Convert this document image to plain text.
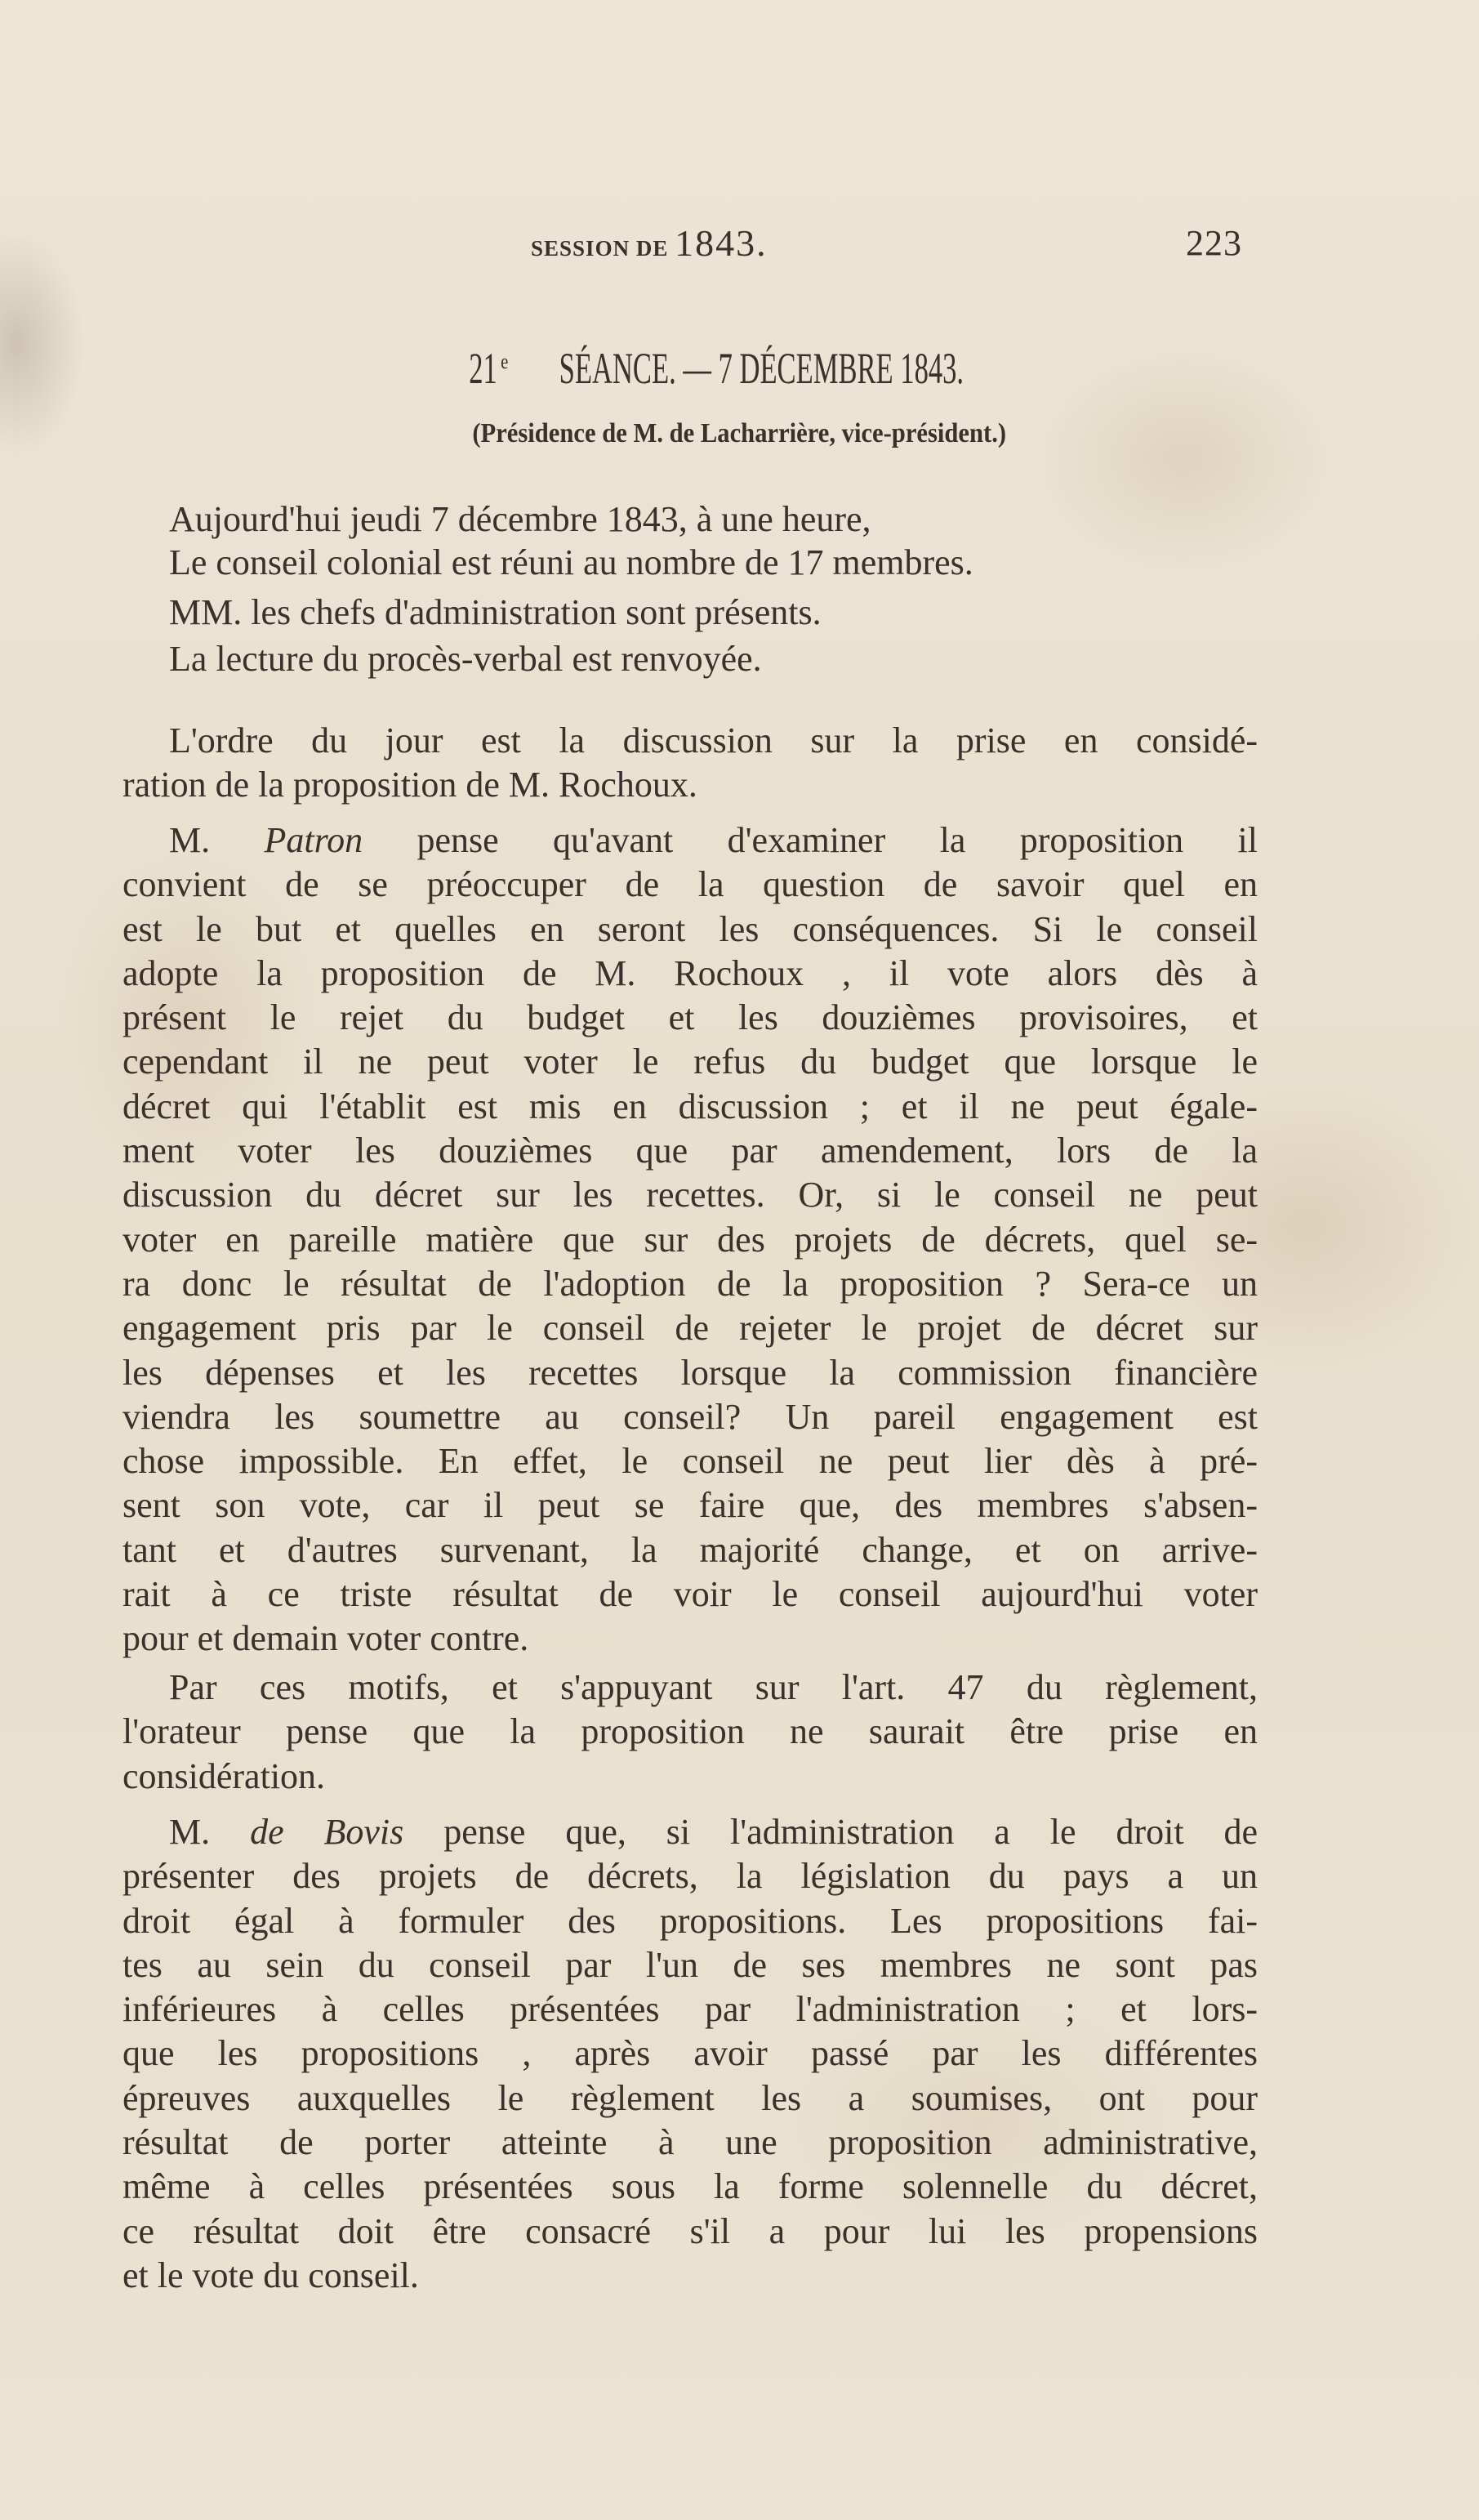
SESSION DE 1843.	223
21 $^e$SÉANCE. — 7 DÉCEMBRE 1843.
(Présidence de M. de Lacharrière, vice-président.)
Aujourd'hui jeudi 7 décembre 1843, à une heure,
Le conseil colonial est réuni au nombre de 17 membres.
MM. les chefs d'administration sont présents.
La lecture du procès-verbal est renvoyée.
L'ordre du jour est la discussion sur la prise en considé-
ration de la proposition de M. Rochoux.
M. Patron pense qu'avant d'examiner la proposition il
convient de se préoccuper de la question de savoir quel en
est le but et quelles en seront les conséquences. Si le conseil
adopte la proposition de M. Rochoux , il vote alors dès à
présent le rejet du budget et les douzièmes provisoires, et
cependant il ne peut voter le refus du budget que lorsque le
décret qui l'établit est mis en discussion ; et il ne peut égale-
ment voter les douzièmes que par amendement, lors de la
discussion du décret sur les recettes. Or, si le conseil ne peut
voter en pareille matière que sur des projets de décrets, quel se-
ra donc le résultat de l'adoption de la proposition ? Sera-ce un
engagement pris par le conseil de rejeter le projet de décret sur
les dépenses et les recettes lorsque la commission financière
viendra les soumettre au conseil? Un pareil engagement est
chose impossible. En effet, le conseil ne peut lier dès à pré-
sent son vote, car il peut se faire que, des membres s'absen-
tant et d'autres survenant, la majorité change, et on arrive-
rait à ce triste résultat de voir le conseil aujourd'hui voter
pour et demain voter contre.
Par ces motifs, et s'appuyant sur l'art. 47 du règlement,
l'orateur pense que la proposition ne saurait être prise en
considération.
M. de Bovis pense que, si l'administration a le droit de
présenter des projets de décrets, la législation du pays a un
droit égal à formuler des propositions. Les propositions fai-
tes au sein du conseil par l'un de ses membres ne sont pas
inférieures à celles présentées par l'administration ; et lors-
que les propositions , après avoir passé par les différentes
épreuves auxquelles le règlement les a soumises, ont pour
résultat de porter atteinte à une proposition administrative,
même à celles présentées sous la forme solennelle du décret,
ce résultat doit être consacré s'il a pour lui les propensions
et le vote du conseil.
